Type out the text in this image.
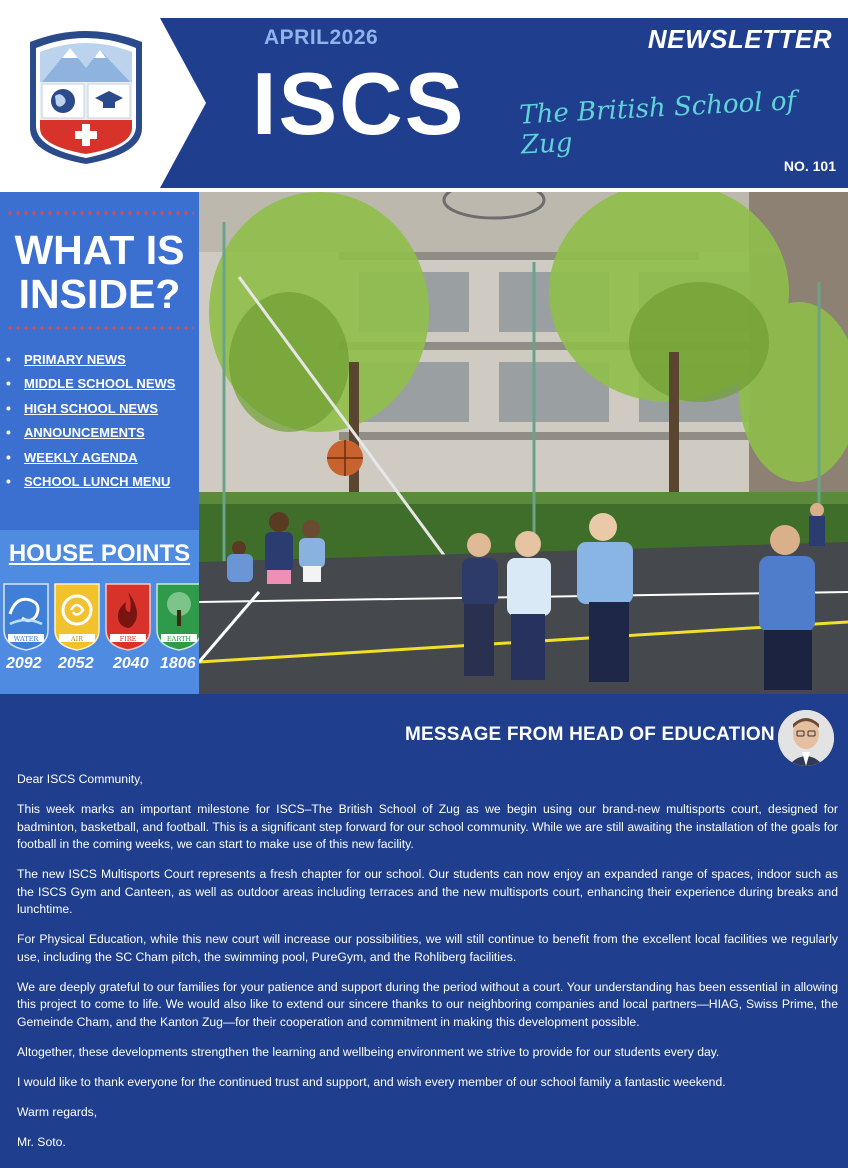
APRIL2026
ISCS The British School of Zug
NEWSLETTER
NO. 101
WHAT IS
INSIDE?
• PRIMARY NEWS
• MIDDLE SCHOOL NEWS
• HIGH SCHOOL NEWS
• ANNOUNCEMENTS
• WEEKLY AGENDA
• SCHOOL LUNCH MENU
HOUSE POINTS
WATER	AIR	FIRE	EARTH
2092 2052 2040 1806
MESSAGE FROM HEAD OF EDUCATION

Dear ISCS Community,

This week marks an important milestone for ISCS–The British School of Zug as we begin using our brand-new multisports court, designed for badminton, basketball, and football. This is a significant step forward for our school community. While we are still awaiting the installation of the goals for football in the coming weeks, we can start to make use of this new facility.

The new ISCS Multisports Court represents a fresh chapter for our school. Our students can now enjoy an expanded range of spaces, indoor such as the ISCS Gym and Canteen, as well as outdoor areas including terraces and the new multisports court, enhancing their experience during breaks and lunchtime.

For Physical Education, while this new court will increase our possibilities, we will still continue to benefit from the excellent local facilities we regularly use, including the SC Cham pitch, the swimming pool, PureGym, and the Rohliberg facilities.

We are deeply grateful to our families for your patience and support during the period without a court. Your understanding has been essential in allowing this project to come to life. We would also like to extend our sincere thanks to our neighboring companies and local partners—HIAG, Swiss Prime, the Gemeinde Cham, and the Kanton Zug—for their cooperation and commitment in making this development possible.

Altogether, these developments strengthen the learning and wellbeing environment we strive to provide for our students every day.

I would like to thank everyone for the continued trust and support, and wish every member of our school family a fantastic weekend.

Warm regards,

Mr. Soto.
